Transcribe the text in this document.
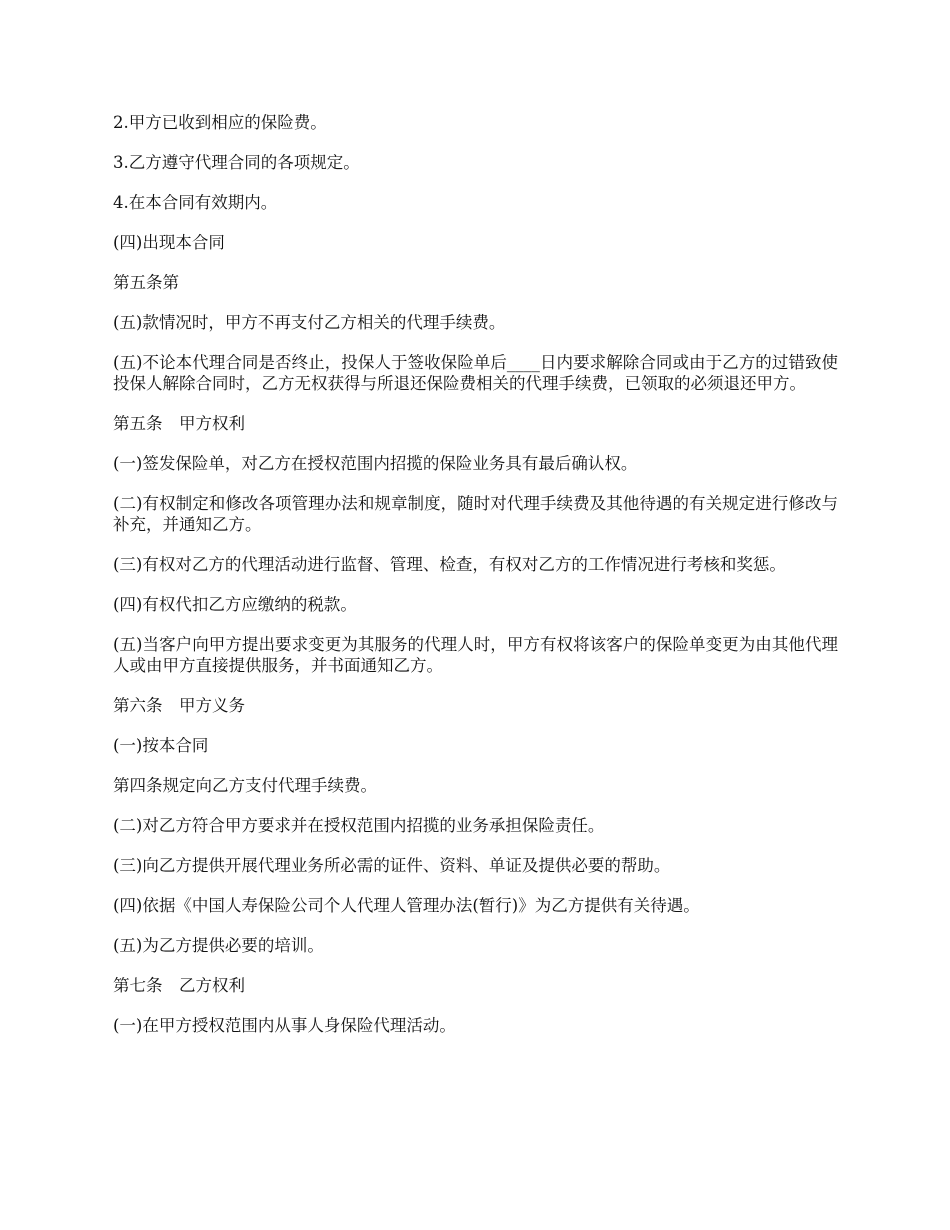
2.甲方已收到相应的保险费。

3.乙方遵守代理合同的各项规定。

4.在本合同有效期内。

(四)出现本合同

第五条第

(五)款情况时，甲方不再支付乙方相关的代理手续费。

(五)不论本代理合同是否终止，投保人于签收保险单后____日内要求解除合同或由于乙方的过错致使投保人解除合同时，乙方无权获得与所退还保险费相关的代理手续费，已领取的必须退还甲方。

第五条　甲方权利

(一)签发保险单，对乙方在授权范围内招揽的保险业务具有最后确认权。

(二)有权制定和修改各项管理办法和规章制度，随时对代理手续费及其他待遇的有关规定进行修改与补充，并通知乙方。

(三)有权对乙方的代理活动进行监督、管理、检查，有权对乙方的工作情况进行考核和奖惩。

(四)有权代扣乙方应缴纳的税款。

(五)当客户向甲方提出要求变更为其服务的代理人时，甲方有权将该客户的保险单变更为由其他代理人或由甲方直接提供服务，并书面通知乙方。

第六条　甲方义务

(一)按本合同

第四条规定向乙方支付代理手续费。

(二)对乙方符合甲方要求并在授权范围内招揽的业务承担保险责任。

(三)向乙方提供开展代理业务所必需的证件、资料、单证及提供必要的帮助。

(四)依据《中国人寿保险公司个人代理人管理办法(暂行)》为乙方提供有关待遇。

(五)为乙方提供必要的培训。

第七条　乙方权利

(一)在甲方授权范围内从事人身保险代理活动。
